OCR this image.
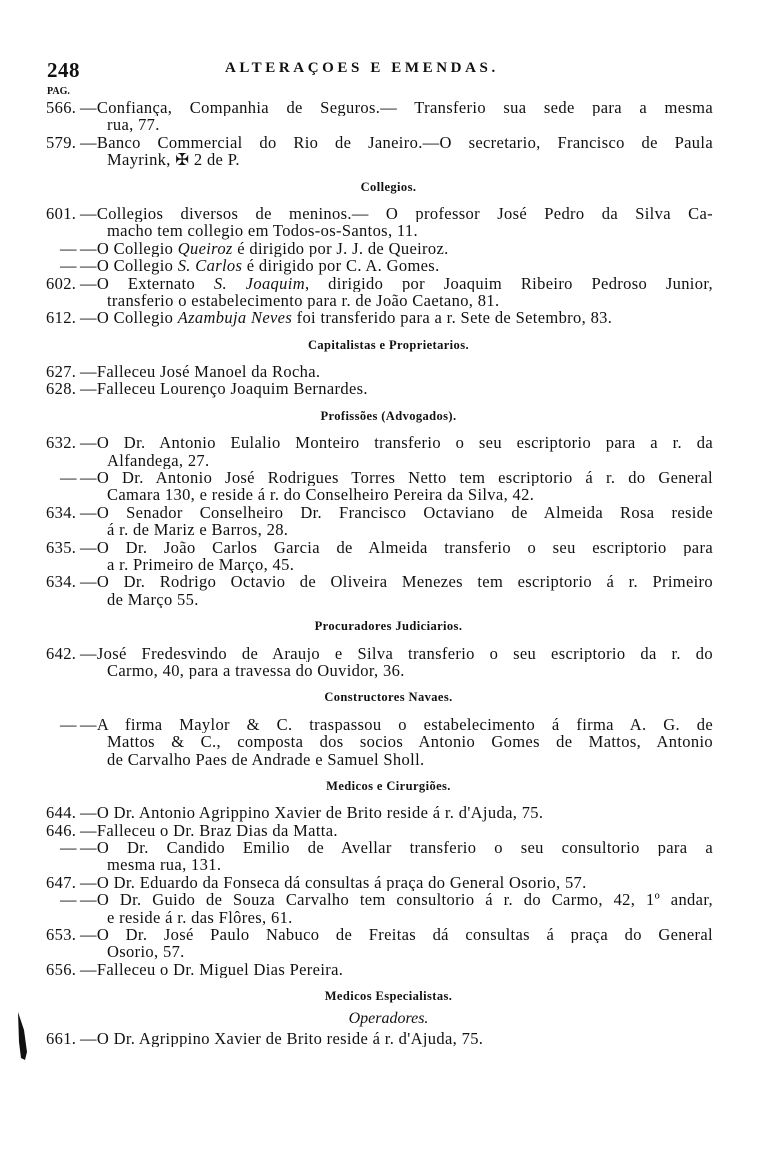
248	ALTERAÇOES E EMENDAS.
PAG.
566. —Confiança, Companhia de Seguros.— Transferio sua sede para a mesma
rua, 77.
579. —Banco Commercial do Rio de Janeiro.—O secretario, Francisco de Paula
Mayrink, ✠ 2 de P.
Collegios.
601. —Collegios diversos de meninos.— O professor José Pedro da Silva Ca-
macho tem collegio em Todos-os-Santos, 11.
— —O Collegio Queiroz é dirigido por J. J. de Queiroz.
— —O Collegio S. Carlos é dirigido por C. A. Gomes.
602. —O Externato S. Joaquim, dirigido por Joaquim Ribeiro Pedroso Junior,
transferio o estabelecimento para r. de João Caetano, 81.
612. —O Collegio Azambuja Neves foi transferido para a r. Sete de Setembro, 83.
Capitalistas e Proprietarios.
627. —Falleceu José Manoel da Rocha.
628. —Falleceu Lourenço Joaquim Bernardes.
Profissões (Advogados).
632. —O Dr. Antonio Eulalio Monteiro transferio o seu escriptorio para a r. da
Alfandega, 27.
— —O Dr. Antonio José Rodrigues Torres Netto tem escriptorio á r. do General
Camara 130, e reside á r. do Conselheiro Pereira da Silva, 42.
634. —O Senador Conselheiro Dr. Francisco Octaviano de Almeida Rosa reside
á r. de Mariz e Barros, 28.
635. —O Dr. João Carlos Garcia de Almeida transferio o seu escriptorio para
a r. Primeiro de Março, 45.
634. —O Dr. Rodrigo Octavio de Oliveira Menezes tem escriptorio á r. Primeiro
de Março 55.
Procuradores Judiciarios.
642. —José Fredesvindo de Araujo e Silva transferio o seu escriptorio da r. do
Carmo, 40, para a travessa do Ouvidor, 36.
Constructores Navaes.
— —A firma Maylor & C. traspassou o estabelecimento á firma A. G. de
Mattos & C., composta dos socios Antonio Gomes de Mattos, Antonio
de Carvalho Paes de Andrade e Samuel Sholl.
Medicos e Cirurgiões.
644. —O Dr. Antonio Agrippino Xavier de Brito reside á r. d'Ajuda, 75.
646. —Falleceu o Dr. Braz Dias da Matta.
— —O Dr. Candido Emilio de Avellar transferio o seu consultorio para a
mesma rua, 131.
647. —O Dr. Eduardo da Fonseca dá consultas á praça do General Osorio, 57.
— —O Dr. Guido de Souza Carvalho tem consultorio á r. do Carmo, 42, 1º andar,
e reside á r. das Flôres, 61.
653. —O Dr. José Paulo Nabuco de Freitas dá consultas á praça do General
Osorio, 57.
656. —Falleceu o Dr. Miguel Dias Pereira.
Medicos Especialistas.
Operadores.
661. —O Dr. Agrippino Xavier de Brito reside á r. d'Ajuda, 75.
